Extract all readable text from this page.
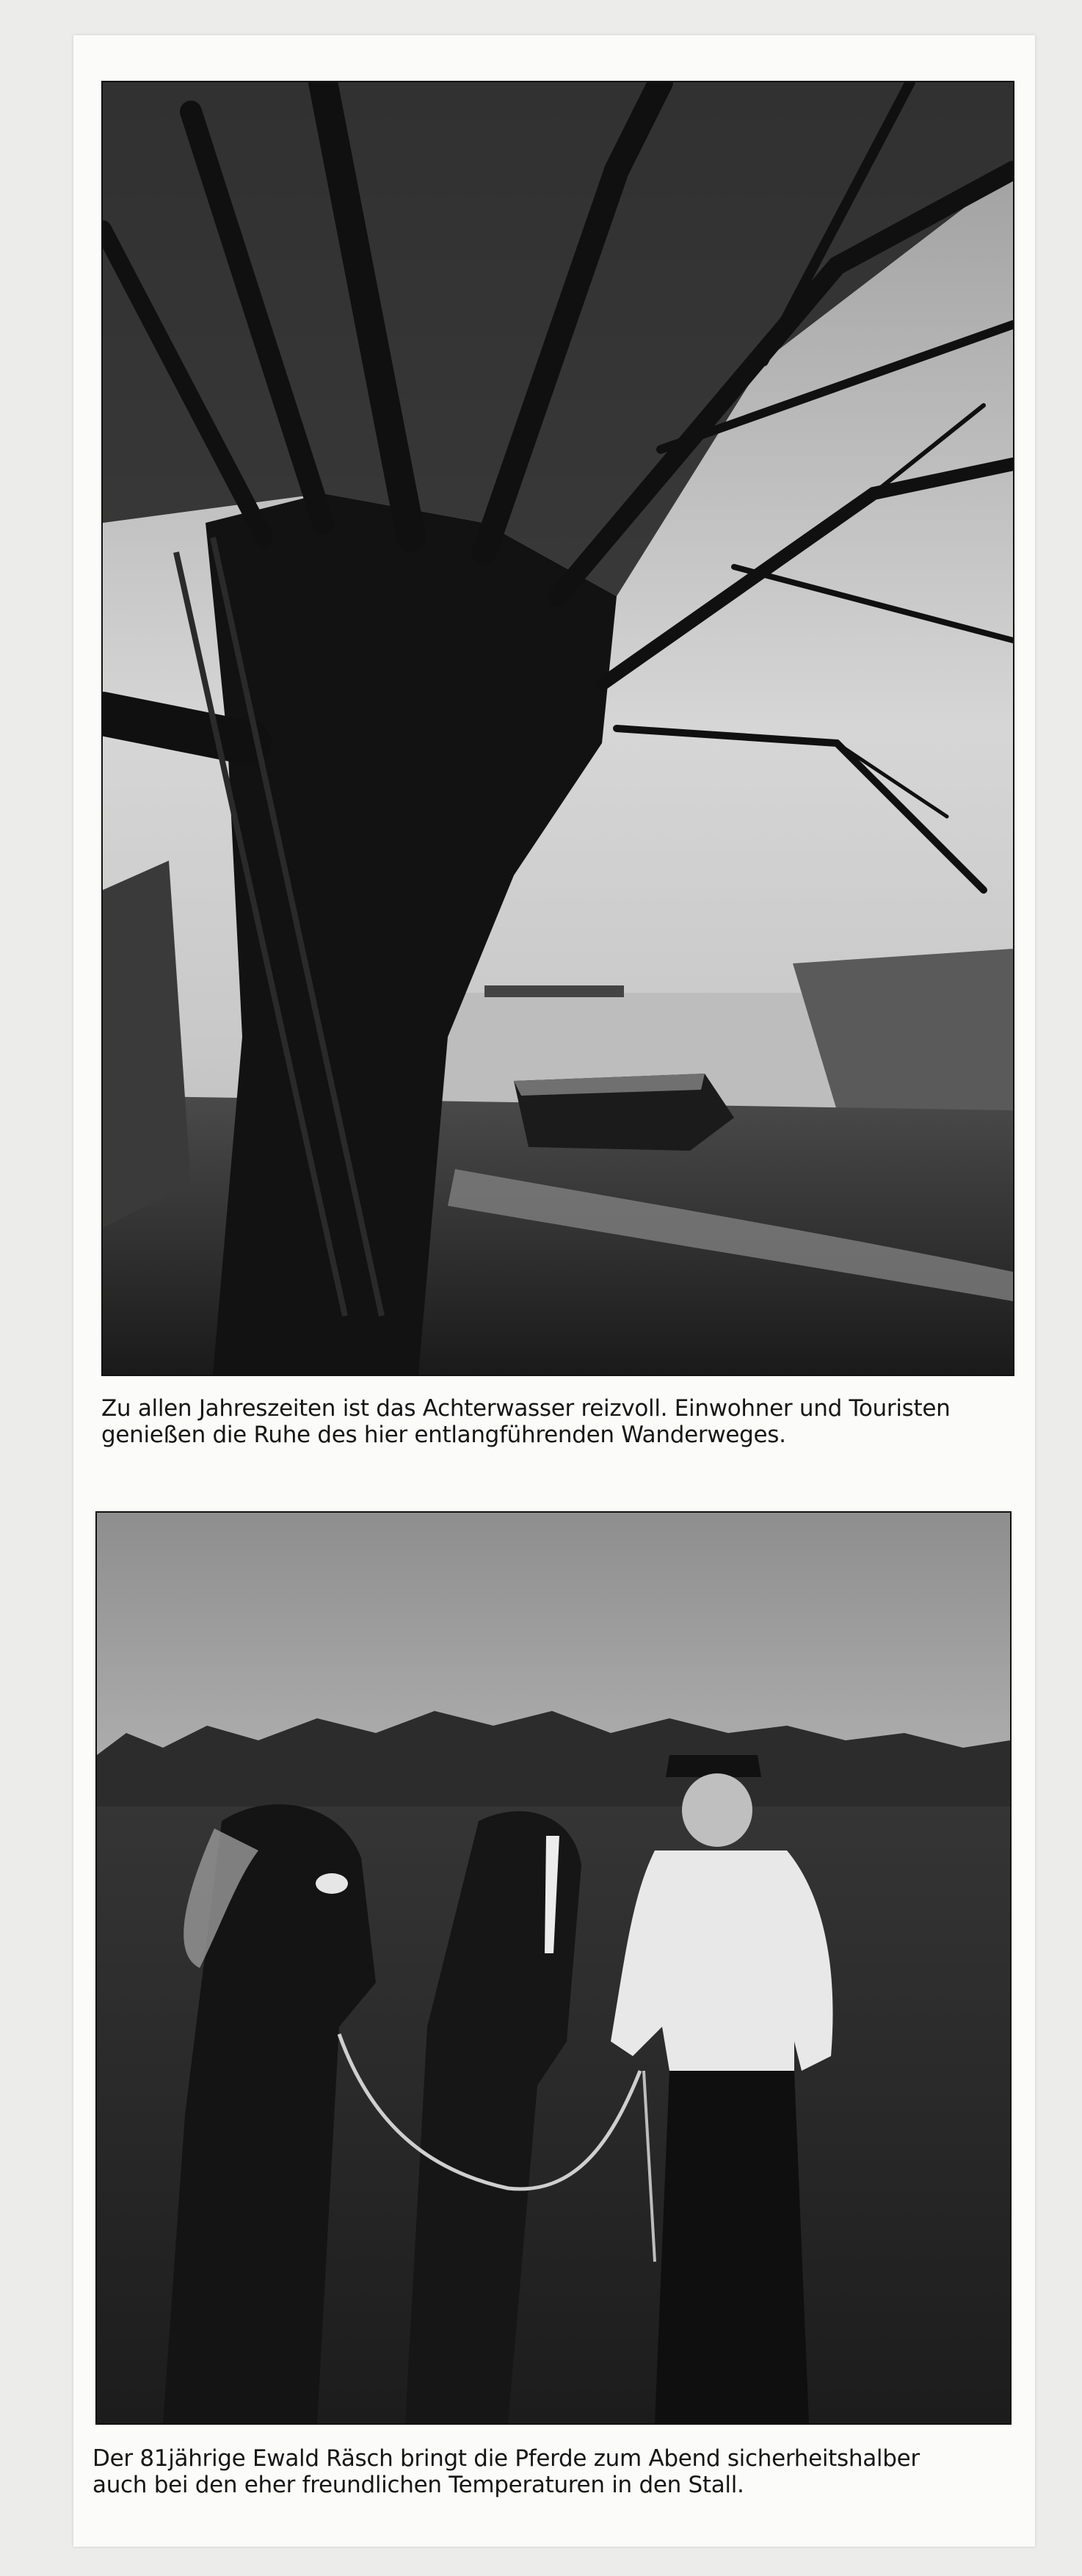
Zu allen Jahreszeiten ist das Achterwasser reizvoll. Einwohner und Touristen
genießen die Ruhe des hier entlangführenden Wanderweges.
Der 81jährige Ewald Räsch bringt die Pferde zum Abend sicherheitshalber
auch bei den eher freundlichen Temperaturen in den Stall.
